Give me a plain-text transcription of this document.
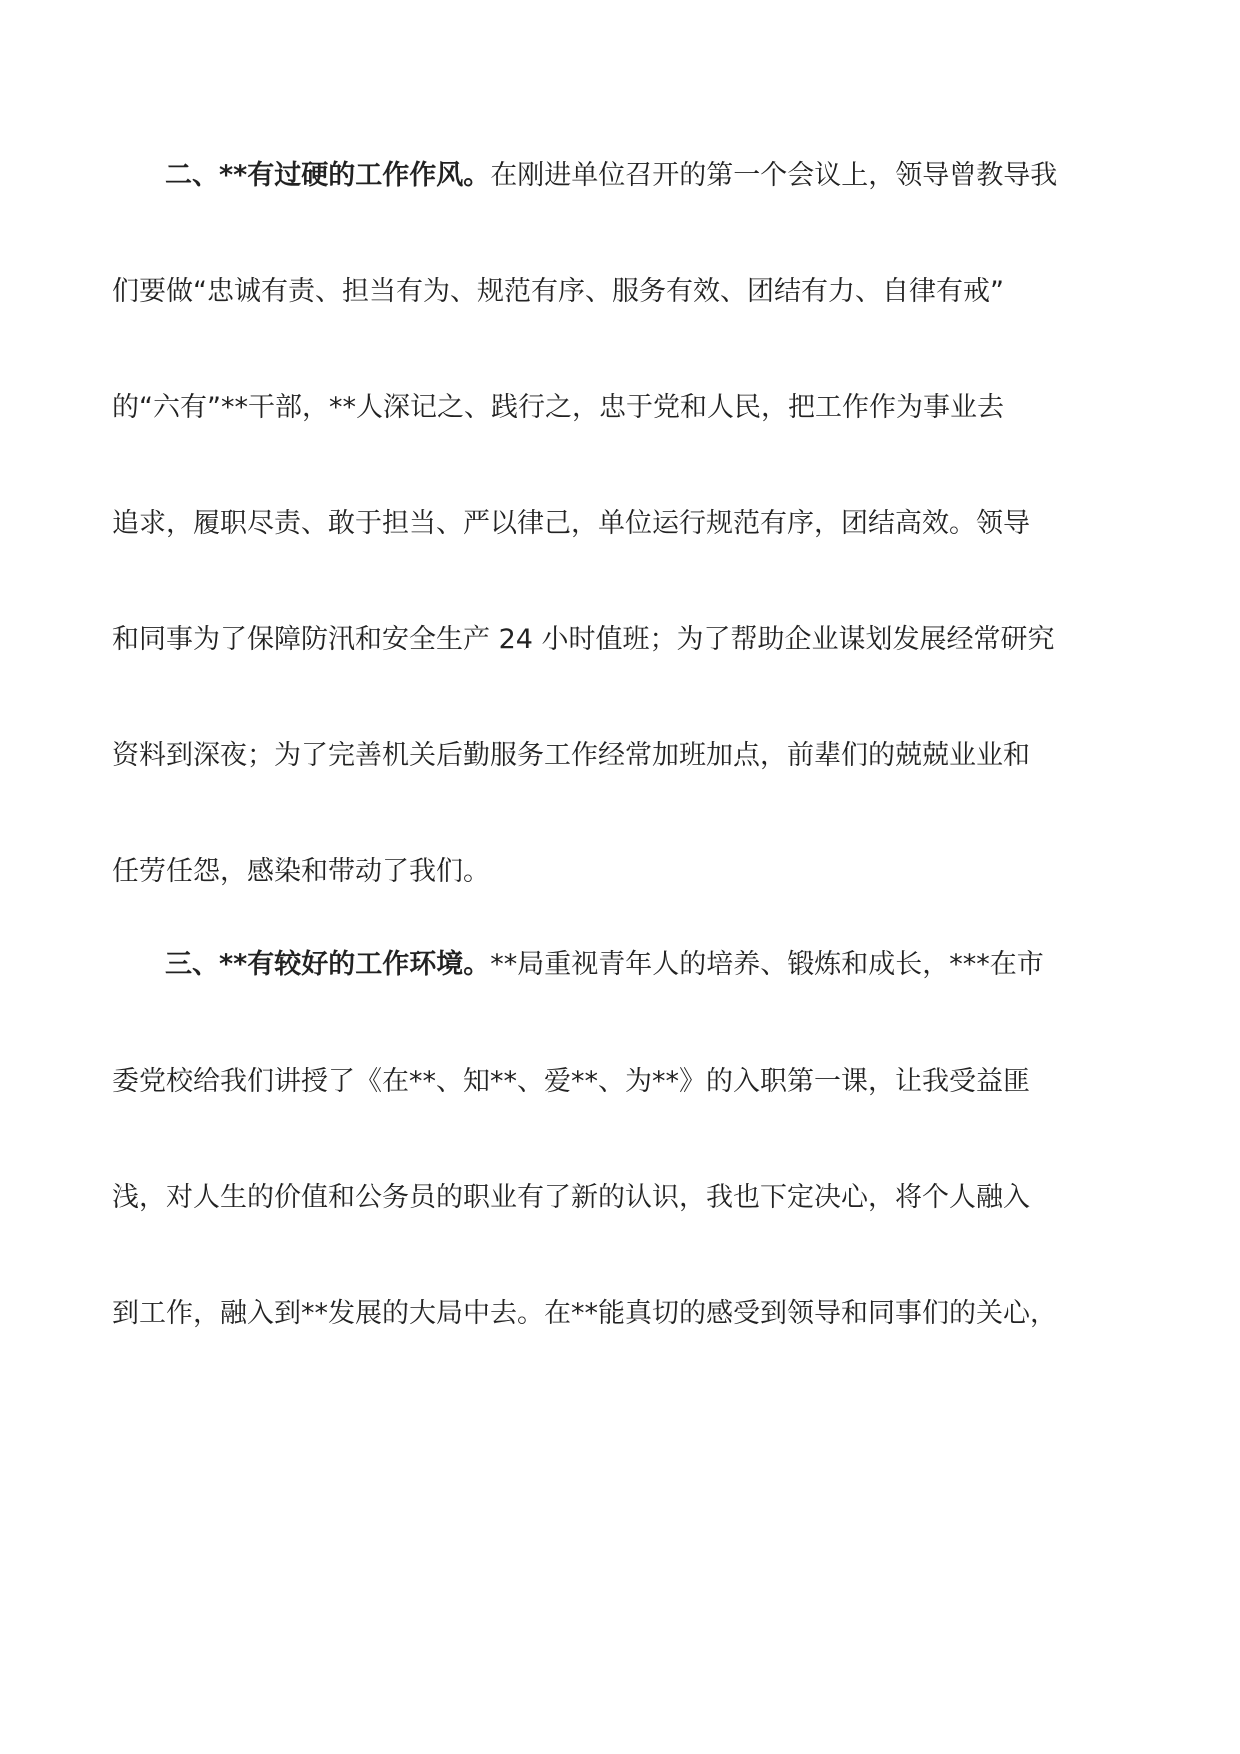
二、**有过硬的工作作风。在刚进单位召开的第一个会议上，领导曾教导我
们要做“忠诚有责、担当有为、规范有序、服务有效、团结有力、自律有戒”
的“六有”**干部，**人深记之、践行之，忠于党和人民，把工作作为事业去
追求，履职尽责、敢于担当、严以律己，单位运行规范有序，团结高效。领导
和同事为了保障防汛和安全生产 24 小时值班；为了帮助企业谋划发展经常研究
资料到深夜；为了完善机关后勤服务工作经常加班加点，前辈们的兢兢业业和
任劳任怨，感染和带动了我们。
三、**有较好的工作环境。**局重视青年人的培养、锻炼和成长，***在市
委党校给我们讲授了《在**、知**、爱**、为**》的入职第一课，让我受益匪
浅，对人生的价值和公务员的职业有了新的认识，我也下定决心，将个人融入
到工作，融入到**发展的大局中去。在**能真切的感受到领导和同事们的关心，
